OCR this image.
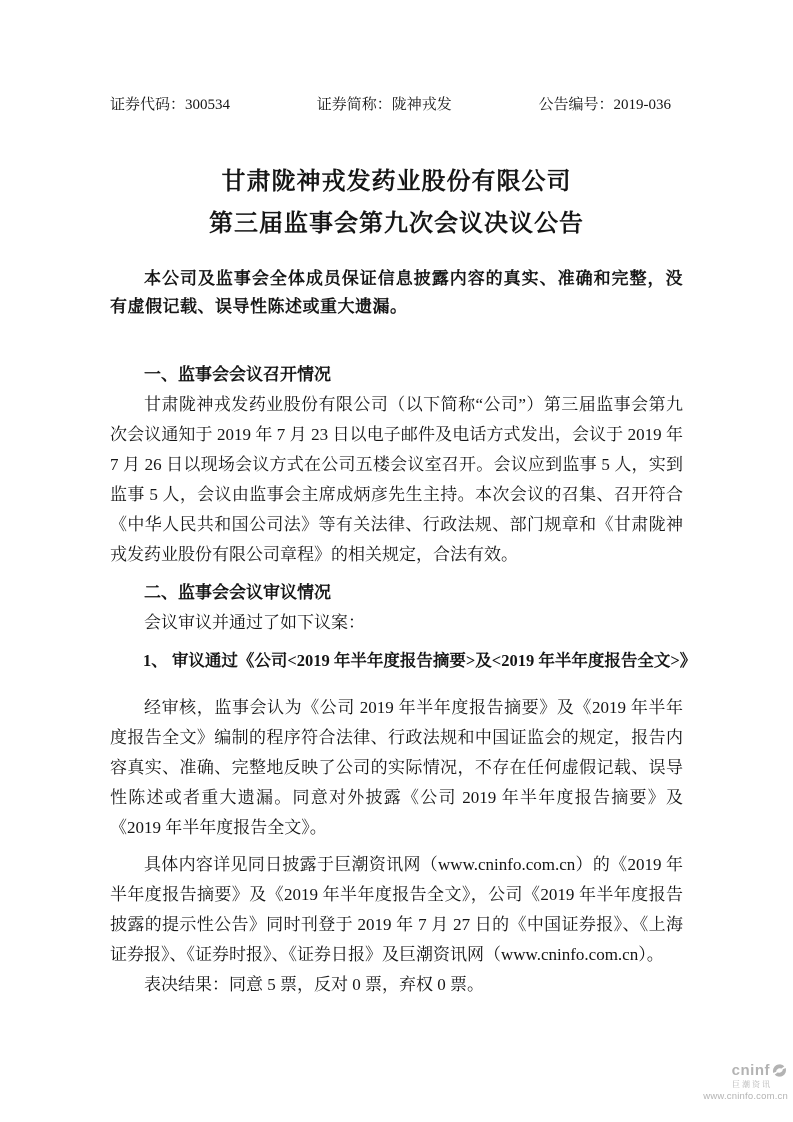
证券代码：300534	证券简称：陇神戎发	公告编号：2019-036
甘肃陇神戎发药业股份有限公司
第三届监事会第九次会议决议公告

本公司及监事会全体成员保证信息披露内容的真实、准确和完整，没有虚假记载、误导性陈述或重大遗漏。

一、监事会会议召开情况

甘肃陇神戎发药业股份有限公司（以下简称“公司”）第三届监事会第九次会议通知于 2019 年 7 月 23 日以电子邮件及电话方式发出，会议于 2019 年 7 月 26 日以现场会议方式在公司五楼会议室召开。会议应到监事 5 人，实到监事 5 人，会议由监事会主席成炳彦先生主持。本次会议的召集、召开符合《中华人民共和国公司法》等有关法律、行政法规、部门规章和《甘肃陇神戎发药业股份有限公司章程》的相关规定，合法有效。

二、监事会会议审议情况

会议审议并通过了如下议案：

1、 审议通过《公司<2019 年半年度报告摘要>及<2019 年半年度报告全文>》

经审核，监事会认为《公司 2019 年半年度报告摘要》及《2019 年半年度报告全文》编制的程序符合法律、行政法规和中国证监会的规定，报告内容真实、准确、完整地反映了公司的实际情况，不存在任何虚假记载、误导性陈述或者重大遗漏。同意对外披露《公司 2019 年半年度报告摘要》及《2019 年半年度报告全文》。

具体内容详见同日披露于巨潮资讯网（www.cninfo.com.cn）的《2019 年半年度报告摘要》及《2019 年半年度报告全文》，公司《2019 年半年度报告披露的提示性公告》同时刊登于 2019 年 7 月 27 日的《中国证券报》、《上海证券报》、《证券时报》、《证券日报》及巨潮资讯网（www.cninfo.com.cn）。

表决结果：同意 5 票，反对 0 票，弃权 0 票。
cninf
巨潮资讯
www.cninfo.com.cn
